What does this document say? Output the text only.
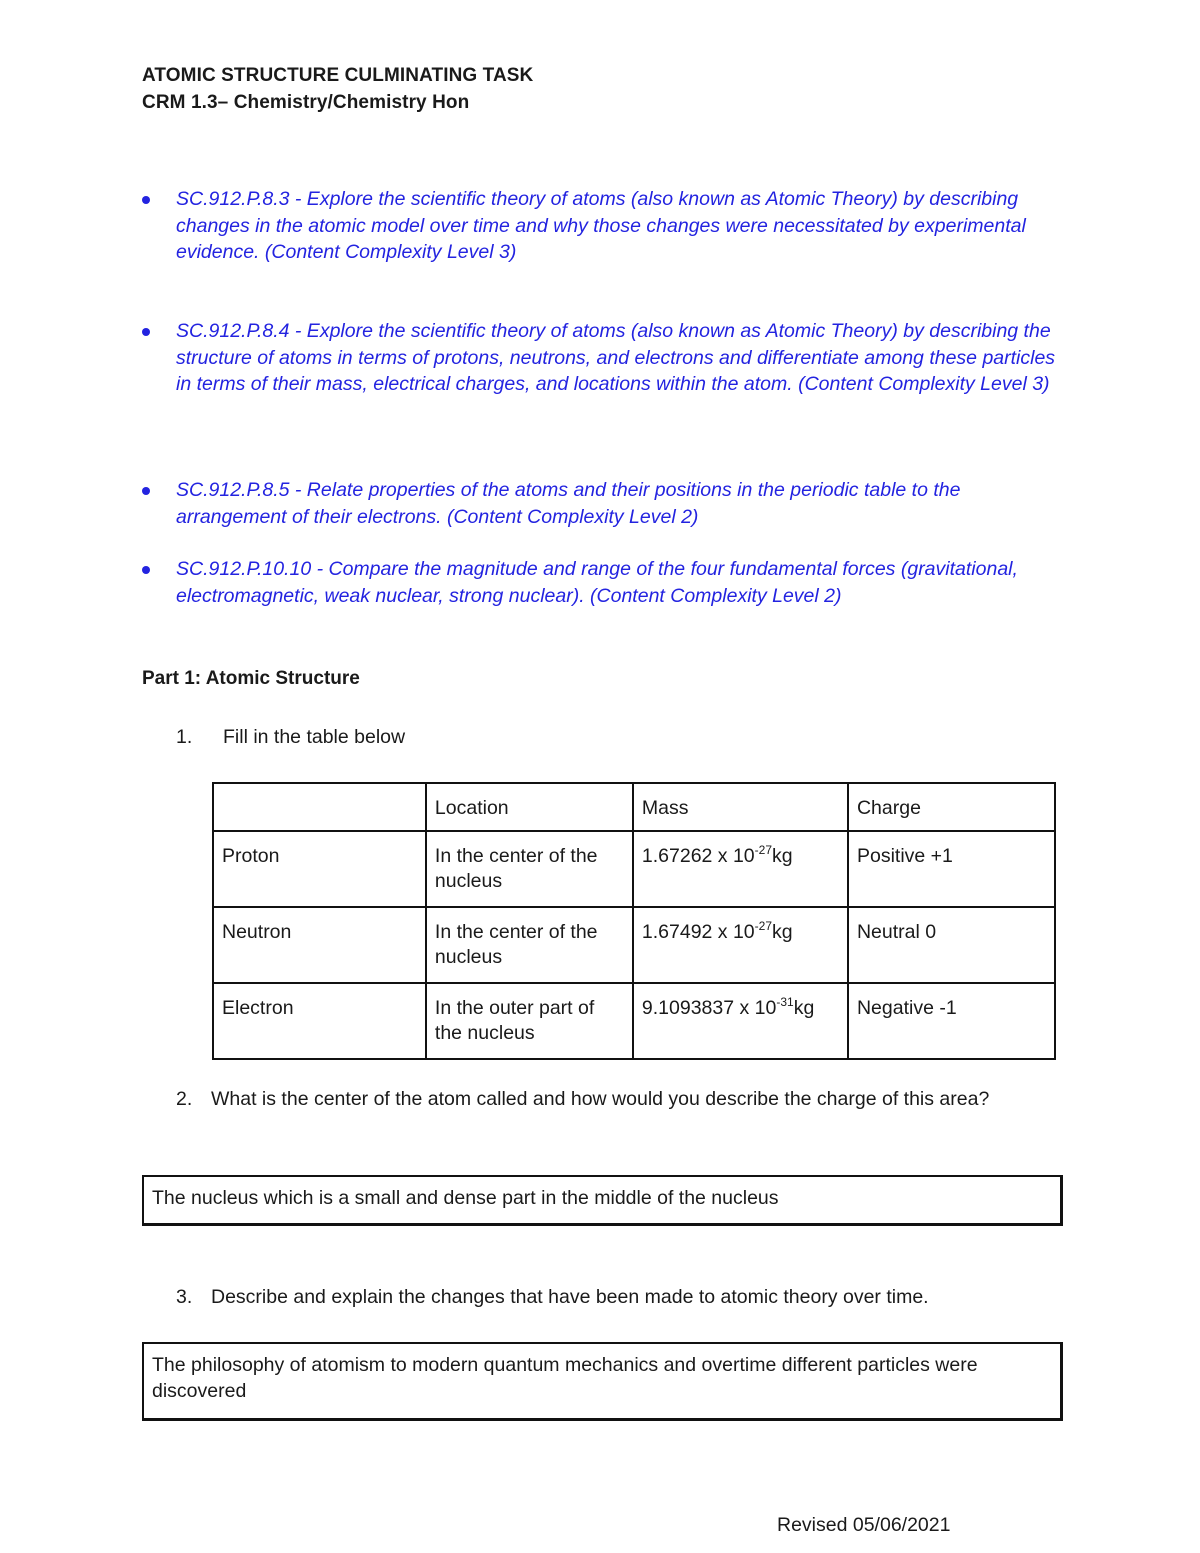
ATOMIC STRUCTURE CULMINATING TASK
CRM 1.3– Chemistry/Chemistry Hon
SC.912.P.8.3 - Explore the scientific theory of atoms (also known as Atomic Theory) by describing changes in the atomic model over time and why those changes were necessitated by experimental evidence. (Content Complexity Level 3)
SC.912.P.8.4 - Explore the scientific theory of atoms (also known as Atomic Theory) by describing the structure of atoms in terms of protons, neutrons, and electrons and differentiate among these particles in terms of their mass, electrical charges, and locations within the atom. (Content Complexity Level 3)
SC.912.P.8.5 - Relate properties of the atoms and their positions in the periodic table to the arrangement of their electrons. (Content Complexity Level 2)
SC.912.P.10.10 - Compare the magnitude and range of the four fundamental forces (gravitational, electromagnetic, weak nuclear, strong nuclear). (Content Complexity Level 2)
Part 1: Atomic Structure
1. Fill in the table below
	Location	Mass	Charge
Proton	In the center of the nucleus	1.67262 x $10^{-27}kg$	Positive +1
Neutron	In the center of the nucleus	1.67492 x $10^{-27}kg$	Neutral 0
Electron	In the outer part of the nucleus	9.1093837 x $10^{-31}kg$	Negative -1
2. What is the center of the atom called and how would you describe the charge of this area?
The nucleus which is a small and dense part in the middle of the nucleus
3. Describe and explain the changes that have been made to atomic theory over time.
The philosophy of atomism to modern quantum mechanics and overtime different particles were discovered
Revised 05/06/2021
